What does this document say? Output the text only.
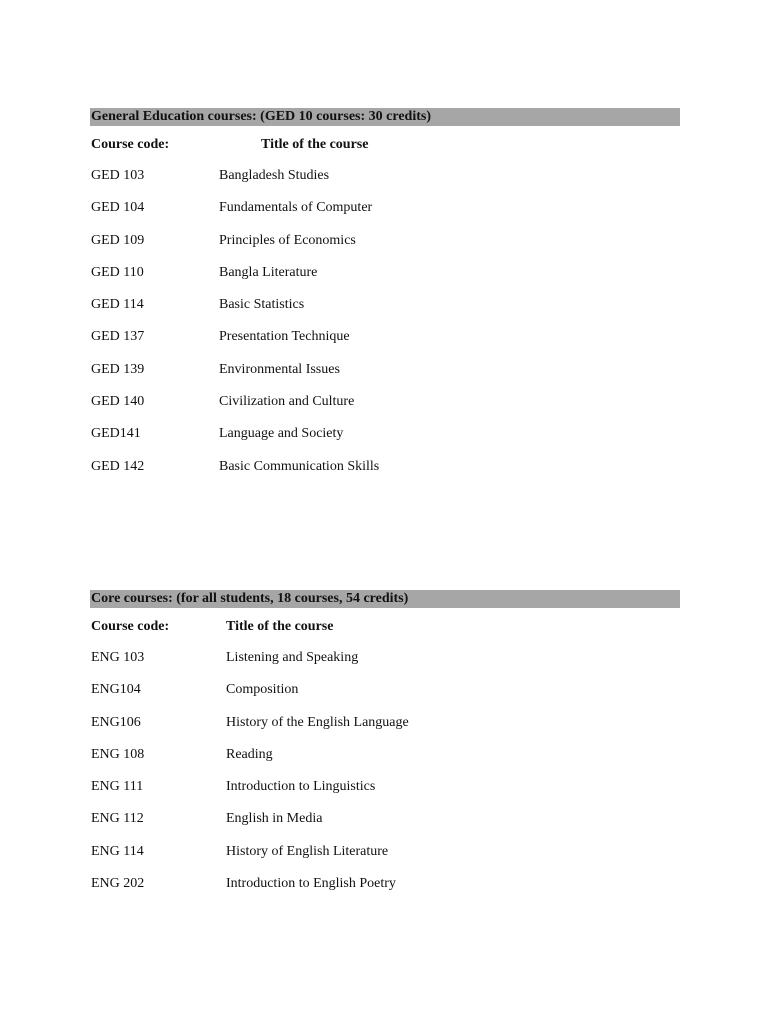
General Education courses: (GED 10 courses: 30 credits)
Course code:	Title of the course
GED 103	Bangladesh Studies
GED 104	Fundamentals of Computer
GED 109	Principles of Economics
GED 110	Bangla Literature
GED 114	Basic Statistics
GED 137	Presentation Technique
GED 139	Environmental Issues
GED 140	Civilization and Culture
GED141	Language and Society
GED 142	Basic Communication Skills
Core courses: (for all students, 18 courses, 54 credits)
Course code:	Title of the course
ENG 103	Listening and Speaking
ENG104	Composition
ENG106	History of the English Language
ENG 108	Reading
ENG 111	Introduction to Linguistics
ENG 112	English in Media
ENG 114	History of English Literature
ENG 202	Introduction to English Poetry
